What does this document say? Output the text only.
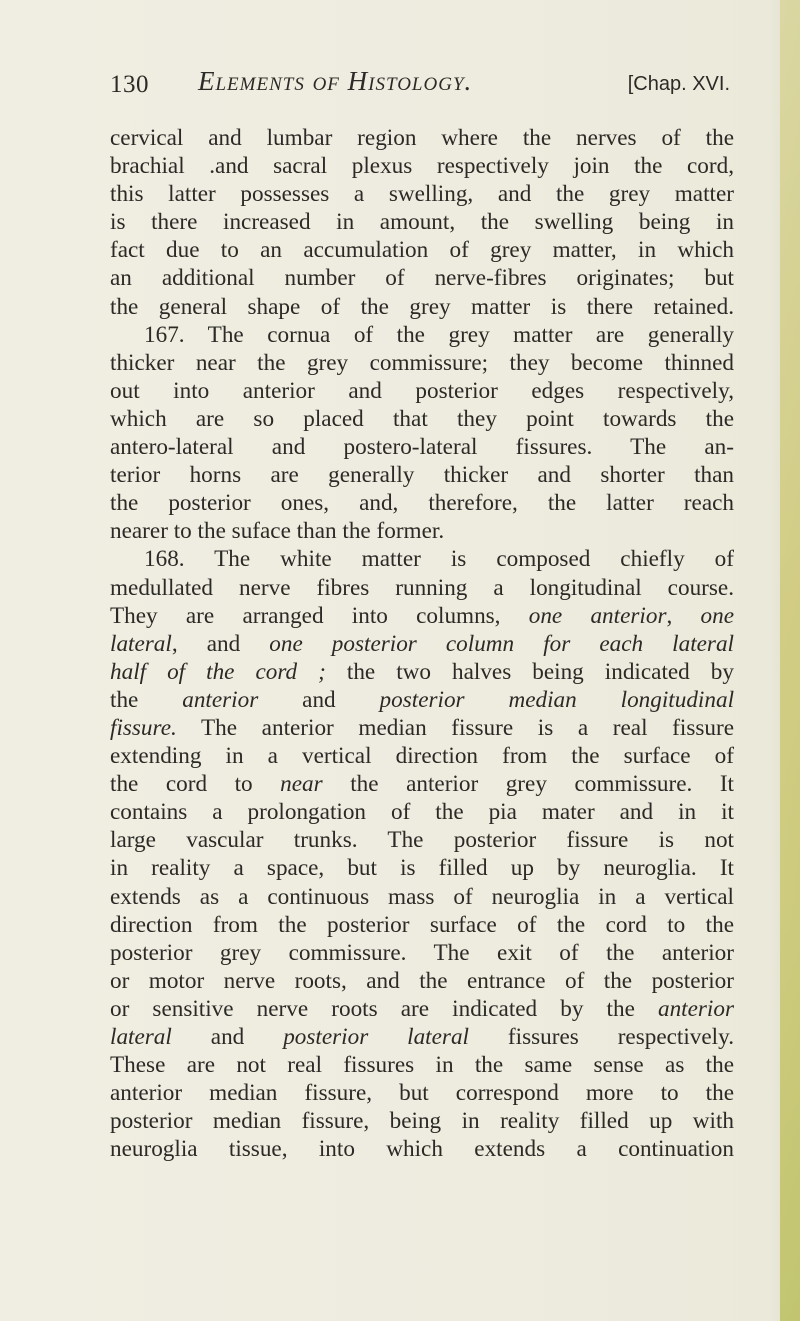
130 Elements of Histology.	[Chap. XVI.
cervical and lumbar region where the nerves of the
brachial .and sacral plexus respectively join the cord,
this latter possesses a swelling, and the grey matter
is there increased in amount, the swelling being in
fact due to an accumulation of grey matter, in which
an additional number of nerve-fibres originates; but
the general shape of the grey matter is there retained.
167. The cornua of the grey matter are generally
thicker near the grey commissure; they become thinned
out into anterior and posterior edges respectively,
which are so placed that they point towards the
antero-lateral and postero-lateral fissures. The an-
terior horns are generally thicker and shorter than
the posterior ones, and, therefore, the latter reach
nearer to the suface than the former.
168. The white matter is composed chiefly of
medullated nerve fibres running a longitudinal course.
They are arranged into columns, one anterior, one
lateral, and one posterior column for each lateral
half of the cord ; the two halves being indicated by
the anterior and posterior median longitudinal
fissure. The anterior median fissure is a real fissure
extending in a vertical direction from the surface of
the cord to near the anterior grey commissure. It
contains a prolongation of the pia mater and in it
large vascular trunks. The posterior fissure is not
in reality a space, but is filled up by neuroglia. It
extends as a continuous mass of neuroglia in a vertical
direction from the posterior surface of the cord to the
posterior grey commissure. The exit of the anterior
or motor nerve roots, and the entrance of the posterior
or sensitive nerve roots are indicated by the anterior
lateral and posterior lateral fissures respectively.
These are not real fissures in the same sense as the
anterior median fissure, but correspond more to the
posterior median fissure, being in reality filled up with
neuroglia tissue, into which extends a continuation
